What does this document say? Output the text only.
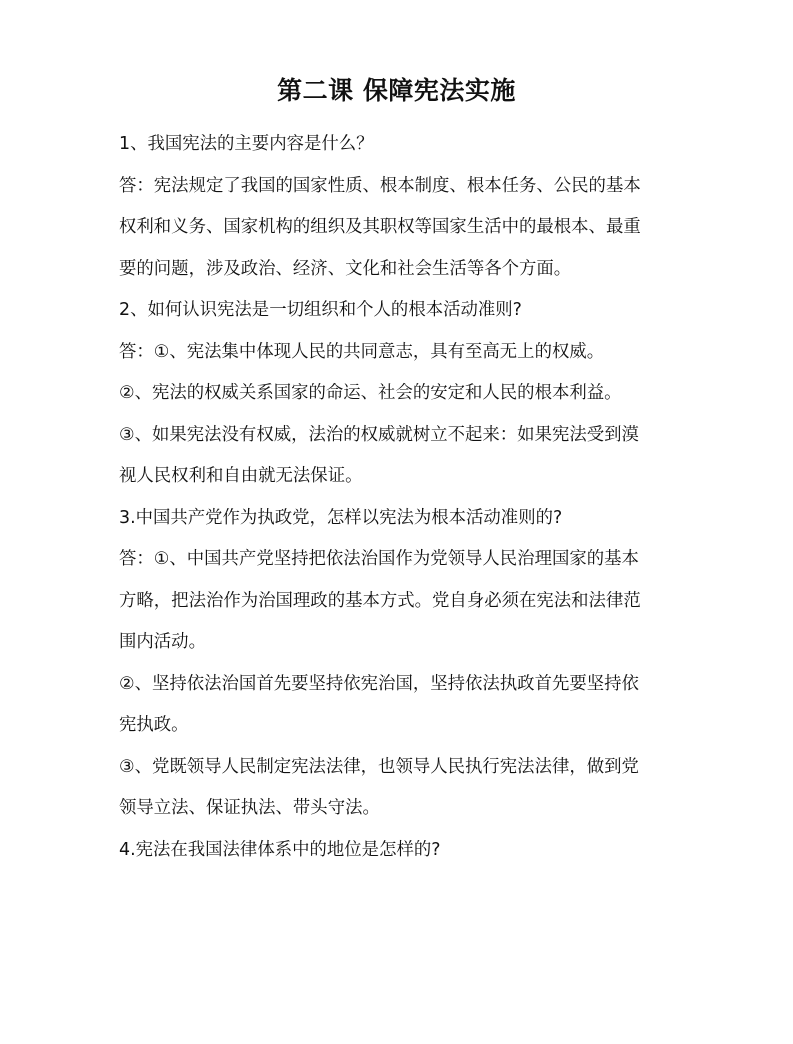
第二课 保障宪法实施

1、我国宪法的主要内容是什么？

答：宪法规定了我国的国家性质、根本制度、根本任务、公民的基本权利和义务、国家机构的组织及其职权等国家生活中的最根本、最重要的问题，涉及政治、经济、文化和社会生活等各个方面。

2、如何认识宪法是一切组织和个人的根本活动准则?

答：①、宪法集中体现人民的共同意志，具有至高无上的权威。

②、宪法的权威关系国家的命运、社会的安定和人民的根本利益。

③、如果宪法没有权威，法治的权威就树立不起来：如果宪法受到漠视人民权利和自由就无法保证。

3.中国共产党作为执政党，怎样以宪法为根本活动准则的?

答：①、中国共产党坚持把依法治国作为党领导人民治理国家的基本方略，把法治作为治国理政的基本方式。党自身必须在宪法和法律范围内活动。

②、坚持依法治国首先要坚持依宪治国，坚持依法执政首先要坚持依宪执政。

③、党既领导人民制定宪法法律，也领导人民执行宪法法律，做到党领导立法、保证执法、带头守法。

4.宪法在我国法律体系中的地位是怎样的?
